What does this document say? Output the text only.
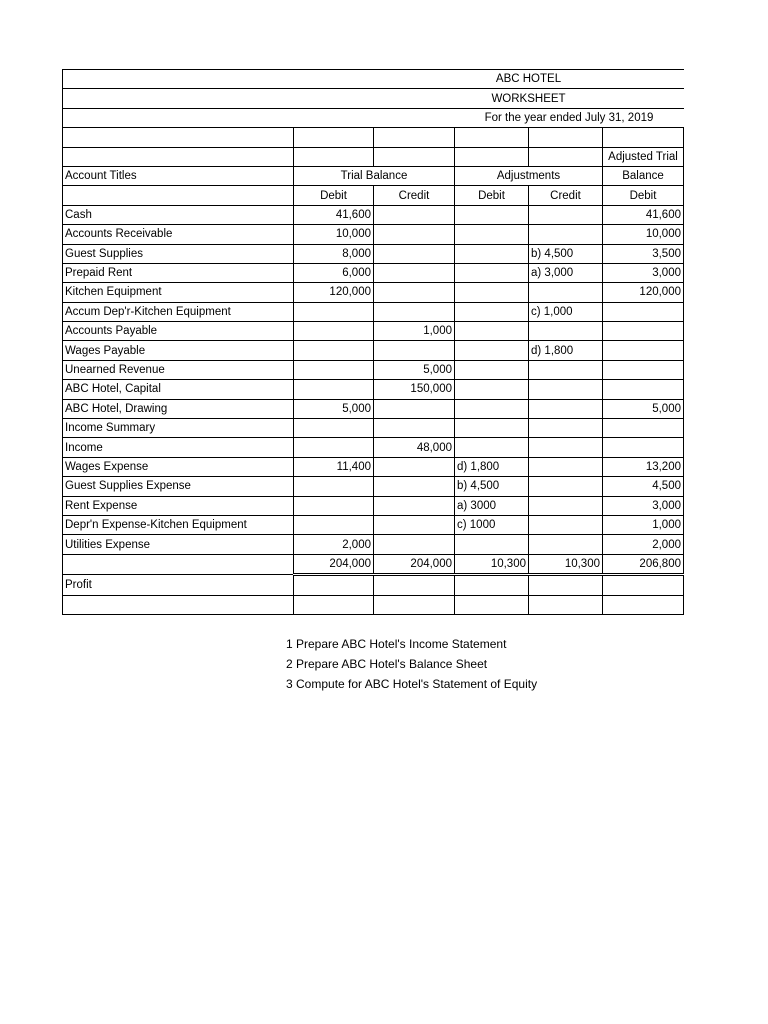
			ABC HOTEL		
			WORKSHEET		
			For the year ended July 31, 2019		

					Adjusted Trial
Account Titles	Trial Balance		Adjustments		Balance
	Debit	Credit	Debit	Credit	Debit
Cash	41,600				41,600
Accounts Receivable	10,000				10,000
Guest Supplies	8,000			b) 4,500	3,500
Prepaid Rent	6,000			a) 3,000	3,000
Kitchen Equipment	120,000				120,000
Accum Dep'r-Kitchen Equipment				c) 1,000	
Accounts Payable		1,000			
Wages Payable				d) 1,800	
Unearned Revenue		5,000			
ABC Hotel, Capital		150,000			
ABC Hotel, Drawing	5,000				5,000
Income Summary					
Income		48,000			
Wages Expense	11,400		d) 1,800		13,200
Guest Supplies Expense			b) 4,500		4,500
Rent Expense			a) 3000		3,000
Depr'n Expense-Kitchen Equipment			c) 1000		1,000
Utilities Expense	2,000				2,000
	204,000	204,000	10,300	10,300	206,800
Profit					

1 Prepare ABC Hotel's Income Statement
2 Prepare ABC Hotel's Balance Sheet
3 Compute for ABC Hotel's Statement of Equity
